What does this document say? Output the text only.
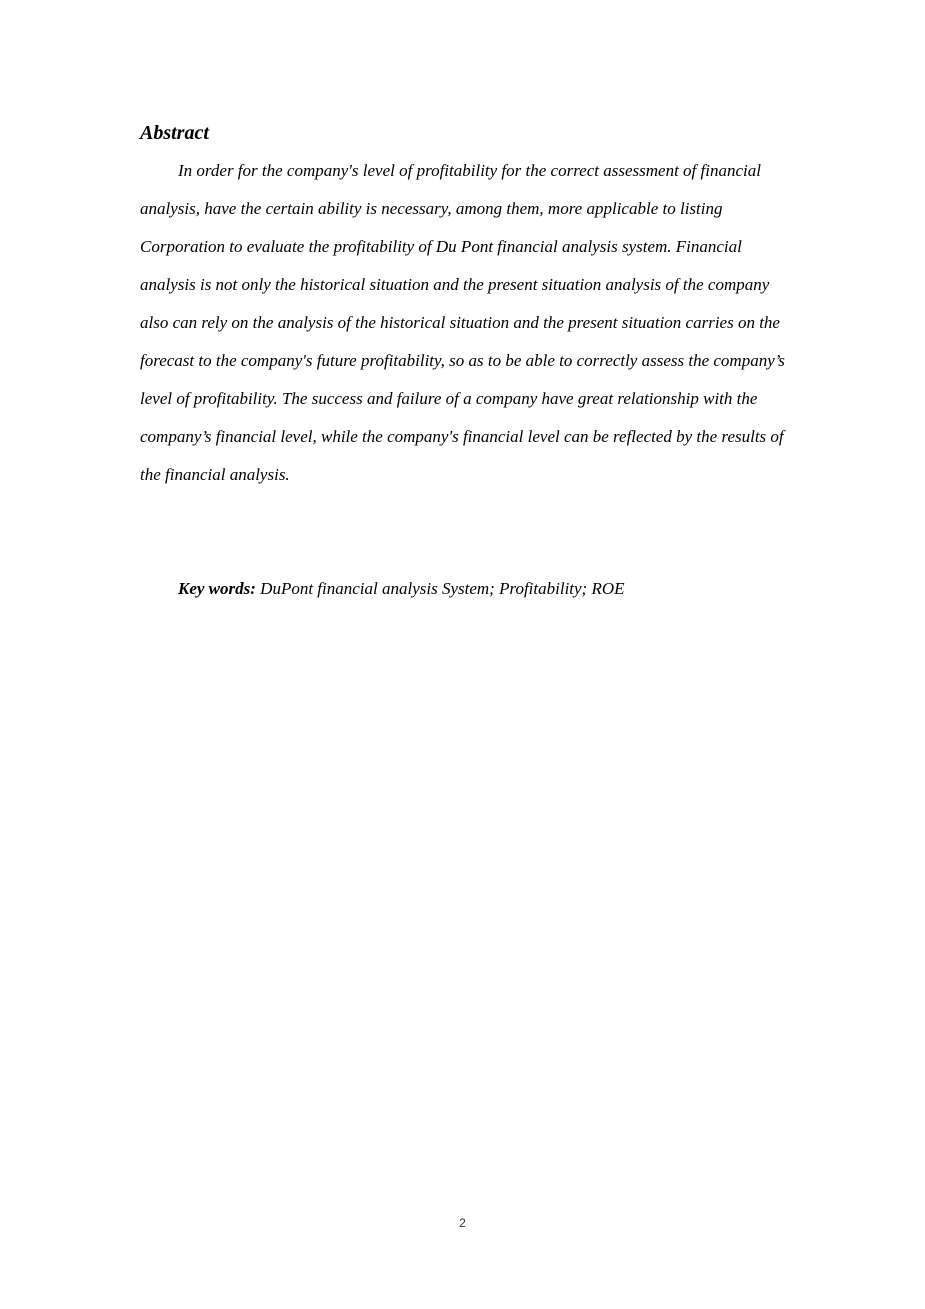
Abstract

In order for the company's level of profitability for the correct assessment of financial analysis, have the certain ability is necessary, among them, more applicable to listing Corporation to evaluate the profitability of Du Pont financial analysis system. Financial analysis is not only the historical situation and the present situation analysis of the company also can rely on the analysis of the historical situation and the present situation carries on the forecast to the company's future profitability, so as to be able to correctly assess the company’s level of profitability. The success and failure of a company have great relationship with the company’s financial level, while the company's financial level can be reflected by the results of the financial analysis.

Key words: DuPont financial analysis System; Profitability; ROE

2
